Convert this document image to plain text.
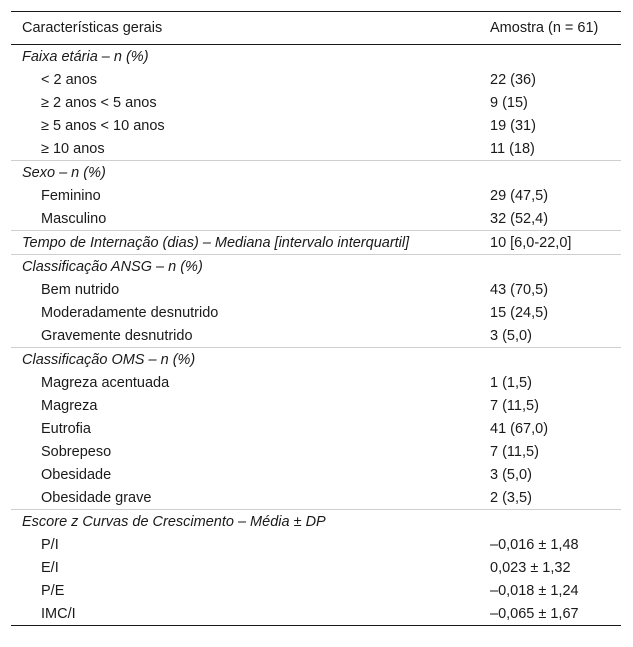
Características gerais	Amostra (n = 61)
Faixa etária – n (%)	
< 2 anos	22 (36)
≥ 2 anos < 5 anos	9 (15)
≥ 5 anos < 10 anos	19 (31)
≥ 10 anos	11 (18)
Sexo – n (%)	
Feminino	29 (47,5)
Masculino	32 (52,4)
Tempo de Internação (dias) – Mediana [intervalo interquartil]	10 [6,0-22,0]
Classificação ANSG – n (%)	
Bem nutrido	43 (70,5)
Moderadamente desnutrido	15 (24,5)
Gravemente desnutrido	3 (5,0)
Classificação OMS – n (%)	
Magreza acentuada	1 (1,5)
Magreza	7 (11,5)
Eutrofia	41 (67,0)
Sobrepeso	7 (11,5)
Obesidade	3 (5,0)
Obesidade grave	2 (3,5)
Escore z Curvas de Crescimento – Média ± DP	
P/I	–0,016 ± 1,48
E/I	0,023 ± 1,32
P/E	–0,018 ± 1,24
IMC/I	–0,065 ± 1,67
